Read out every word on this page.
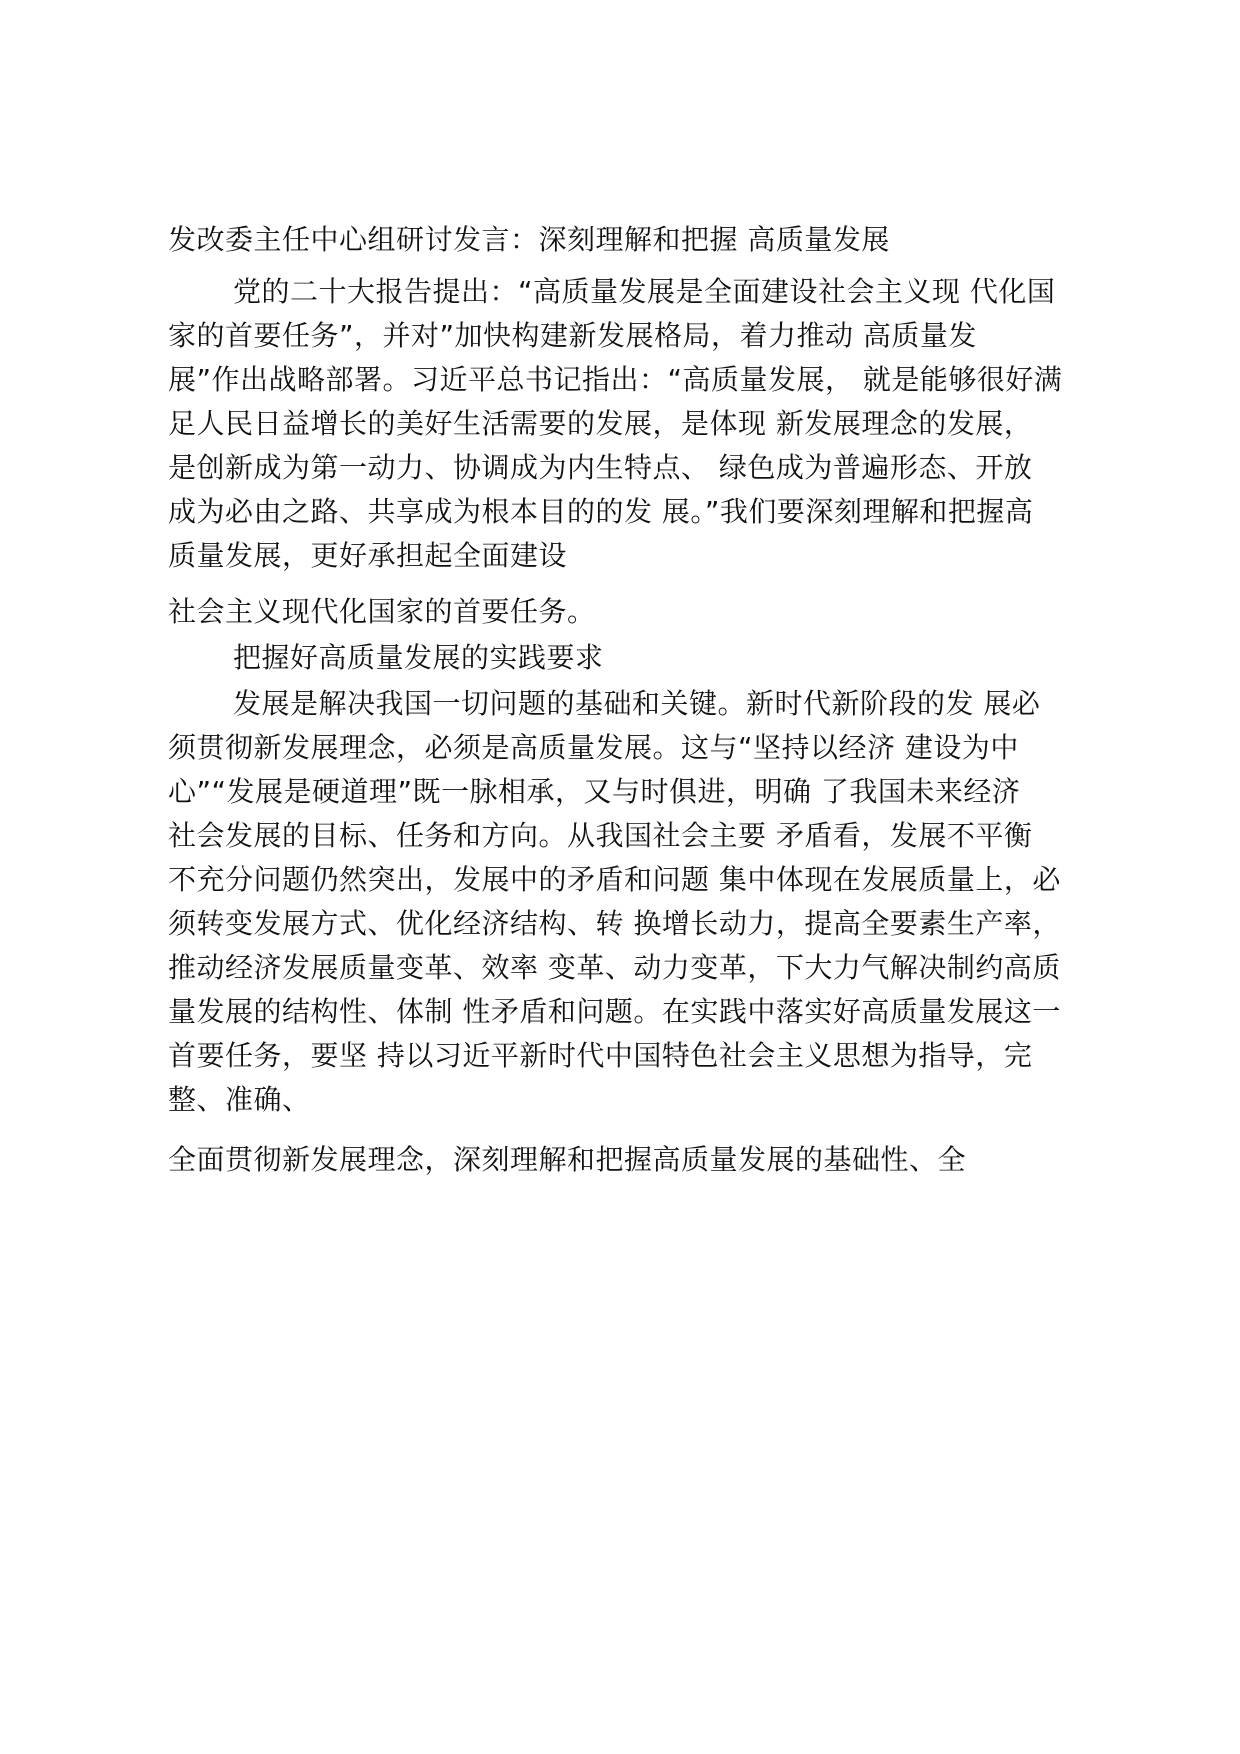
发改委主任中心组研讨发言：深刻理解和把握 高质量发展
党的二十大报告提出：“高质量发展是全面建设社会主义现 代化国
家的首要任务”，并对”加快构建新发展格局，着力推动 高质量发
展”作出战略部署。习近平总书记指出：“高质量发展， 就是能够很好满
足人民日益增长的美好生活需要的发展，是体现 新发展理念的发展，
是创新成为第一动力、协调成为内生特点、 绿色成为普遍形态、开放
成为必由之路、共享成为根本目的的发 展。”我们要深刻理解和把握高
质量发展，更好承担起全面建设
社会主义现代化国家的首要任务。
把握好高质量发展的实践要求
发展是解决我国一切问题的基础和关键。新时代新阶段的发 展必
须贯彻新发展理念，必须是高质量发展。这与“坚持以经济 建设为中
心”“发展是硬道理”既一脉相承，又与时俱进，明确 了我国未来经济
社会发展的目标、任务和方向。从我国社会主要 矛盾看，发展不平衡
不充分问题仍然突出，发展中的矛盾和问题 集中体现在发展质量上，必
须转变发展方式、优化经济结构、转 换增长动力，提高全要素生产率，
推动经济发展质量变革、效率 变革、动力变革，下大力气解决制约高质
量发展的结构性、体制 性矛盾和问题。在实践中落实好高质量发展这一
首要任务，要坚 持以习近平新时代中国特色社会主义思想为指导，完
整、准确、
全面贯彻新发展理念，深刻理解和把握高质量发展的基础性、全
